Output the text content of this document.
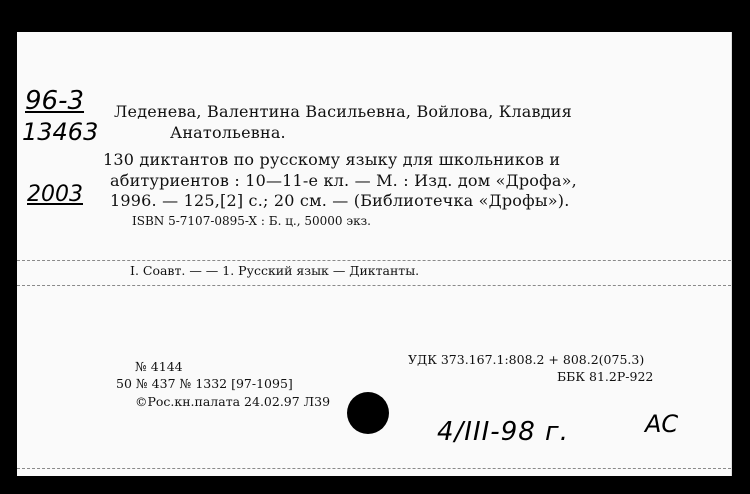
96-3
13463
2003
Леденева, Валентина Васильевна, Войлова, Клавдия
Анатольевна.
130 диктантов по русскому языку для школьников и
абитуриентов : 10—11-е кл. — М. : Изд. дом «Дрофа»,
1996. — 125,[2] с.; 20 см. — (Библиотечка «Дрофы»).
ISBN 5-7107-0895-X : Б. ц., 50000 экз.
I. Соавт. — — 1. Русский язык — Диктанты.
№ 4144
50 № 437 № 1332 [97-1095]
©Рос.кн.палата 24.02.97 Л39
УДК 373.167.1:808.2 + 808.2(075.3)
ББК 81.2Р-922
4/III-98 г.	АС
